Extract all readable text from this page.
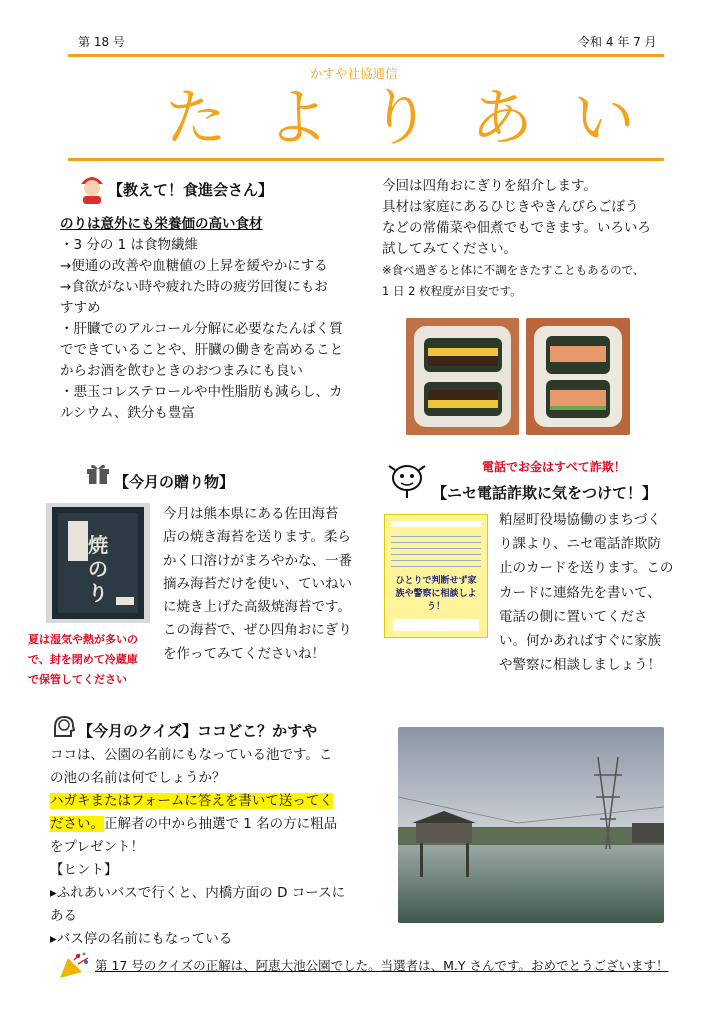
第 18 号	令和 4 年 7 月
かすや社協通信
たよりあい
【教えて！食進会さん】
のりは意外にも栄養価の高い食材
・3 分の 1 は食物繊維
→便通の改善や血糖値の上昇を緩やかにする
→食欲がない時や疲れた時の疲労回復にもお
すすめ
・肝臓でのアルコール分解に必要なたんぱく質
でできていることや、肝臓の働きを高めること
からお酒を飲むときのおつまみにも良い
・悪玉コレステロールや中性脂肪も減らし、カ
ルシウム、鉄分も豊富
今回は四角おにぎりを紹介します。
具材は家庭にあるひじきやきんぴらごぼう
などの常備菜や佃煮でもできます。いろいろ
試してみてください。
※食べ過ぎると体に不調をきたすこともあるので、
1 日 2 枚程度が目安です。
【今月の贈り物】
焼のり
今月は熊本県にある佐田海苔
店の焼き海苔を送ります。柔ら
かく口溶けがまろやかな、一番
摘み海苔だけを使い、ていねい
に焼き上げた高級焼海苔です。
この海苔で、ぜひ四角おにぎり
を作ってみてくださいね！
夏は湿気や熱が多いの
で、封を閉めて冷蔵庫
で保管してください
電話でお金はすべて詐欺！
【ニセ電話詐欺に気をつけて！】
ひとりで判断せず家族や警察に相談しよう！
粕屋町役場協働のまちづく
り課より、ニセ電話詐欺防
止のカードを送ります。この
カードに連絡先を書いて、
電話の側に置いてくださ
い。何かあればすぐに家族
や警察に相談しましょう！
【今月のクイズ】ココどこ？かすや
ココは、公園の名前にもなっている池です。こ
の池の名前は何でしょうか？
ハガキまたはフォームに答えを書いて送ってく
ださい。正解者の中から抽選で 1 名の方に粗品
をプレゼント！
【ヒント】
▸ふれあいバスで行くと、内橋方面の D コースに
ある
▸バス停の名前にもなっている
第 17 号のクイズの正解は、阿恵大池公園でした。当選者は、M.Y さんです。おめでとうございます！
